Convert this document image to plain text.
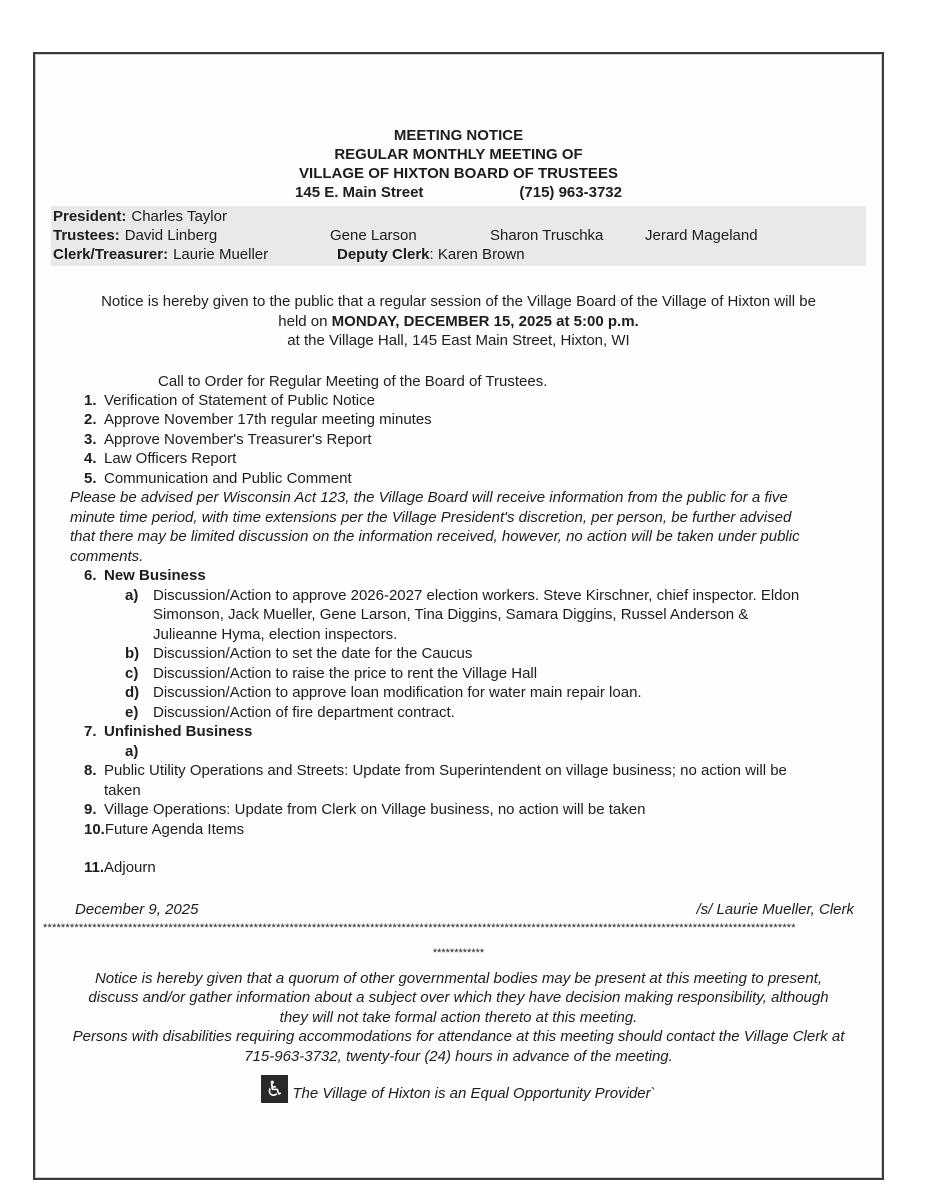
MEETING NOTICE
REGULAR MONTHLY MEETING OF
VILLAGE OF HIXTON BOARD OF TRUSTEES
145 E. Main Street	(715) 963-3732
President: Charles Taylor
Trustees: David Linberg	Gene Larson	Sharon Truschka	Jerard Mageland
Clerk/Treasurer: Laurie Mueller	Deputy Clerk: Karen Brown
Notice is hereby given to the public that a regular session of the Village Board of the Village of Hixton will be
held on MONDAY, DECEMBER 15, 2025 at 5:00 p.m.
at the Village Hall, 145 East Main Street, Hixton, WI
Call to Order for Regular Meeting of the Board of Trustees.
1. Verification of Statement of Public Notice
2. Approve November 17th regular meeting minutes
3. Approve November's Treasurer's Report
4. Law Officers Report
5. Communication and Public Comment
Please be advised per Wisconsin Act 123, the Village Board will receive information from the public for a five minute time period, with time extensions per the Village President's discretion, per person, be further advised that there may be limited discussion on the information received, however, no action will be taken under public comments.
6. New Business
a) Discussion/Action to approve 2026-2027 election workers. Steve Kirschner, chief inspector. Eldon Simonson, Jack Mueller, Gene Larson, Tina Diggins, Samara Diggins, Russel Anderson & Julieanne Hyma, election inspectors.
b) Discussion/Action to set the date for the Caucus
c) Discussion/Action to raise the price to rent the Village Hall
d) Discussion/Action to approve loan modification for water main repair loan.
e) Discussion/Action of fire department contract.
7. Unfinished Business
a)
8. Public Utility Operations and Streets: Update from Superintendent on village business; no action will be taken
9. Village Operations: Update from Clerk on Village business, no action will be taken
10. Future Agenda Items
11. Adjourn
December 9, 2025	/s/ Laurie Mueller, Clerk
************************************************************************************************************************************************************************
************
Notice is hereby given that a quorum of other governmental bodies may be present at this meeting to present, discuss and/or gather information about a subject over which they have decision making responsibility, although they will not take formal action thereto at this meeting.
Persons with disabilities requiring accommodations for attendance at this meeting should contact the Village Clerk at 715-963-3732, twenty-four (24) hours in advance of the meeting.
♿ The Village of Hixton is an Equal Opportunity Provider`
